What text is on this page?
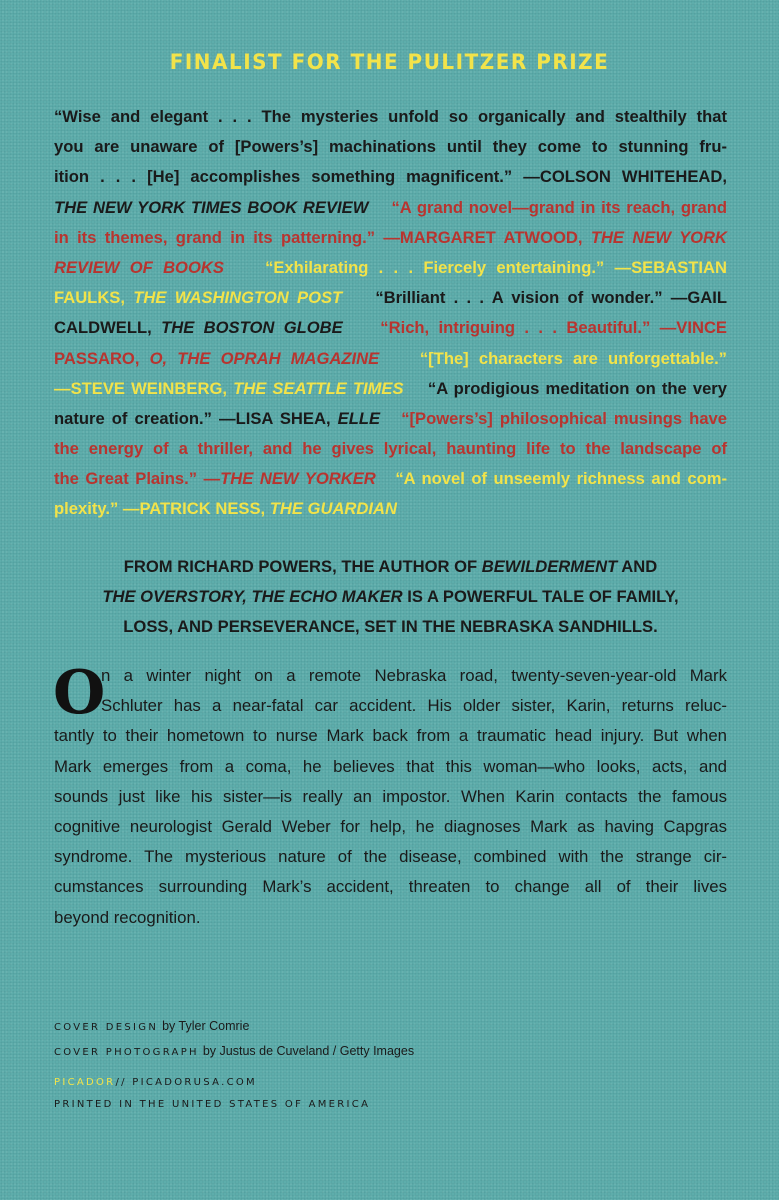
FINALIST FOR THE PULITZER PRIZE
“Wise and elegant . . . The mysteries unfold so organically and stealthily that
you are unaware of [Powers’s] machinations until they come to stunning fru-
ition . . . [He] accomplishes something magnificent.” —COLSON WHITEHEAD,
THE NEW YORK TIMES BOOK REVIEW “A grand novel—grand in its reach, grand
in its themes, grand in its patterning.” —MARGARET ATWOOD, THE NEW YORK
REVIEW OF BOOKS “Exhilarating . . . Fiercely entertaining.” —SEBASTIAN
FAULKS, THE WASHINGTON POST “Brilliant . . . A vision of wonder.” —GAIL
CALDWELL, THE BOSTON GLOBE “Rich, intriguing . . . Beautiful.” —VINCE
PASSARO, O, THE OPRAH MAGAZINE “[The] characters are unforgettable.”
—STEVE WEINBERG, THE SEATTLE TIMES “A prodigious meditation on the very
nature of creation.” —LISA SHEA, ELLE “[Powers’s] philosophical musings have
the energy of a thriller, and he gives lyrical, haunting life to the landscape of
the Great Plains.” —THE NEW YORKER “A novel of unseemly richness and com-
plexity.” —PATRICK NESS, THE GUARDIAN
FROM RICHARD POWERS, THE AUTHOR OF BEWILDERMENT AND
THE OVERSTORY, THE ECHO MAKER IS A POWERFUL TALE OF FAMILY,
LOSS, AND PERSEVERANCE, SET IN THE NEBRASKA SANDHILLS.
O
n a winter night on a remote Nebraska road, twenty-seven-year-old Mark
Schluter has a near-fatal car accident. His older sister, Karin, returns reluc-
tantly to their hometown to nurse Mark back from a traumatic head injury. But when
Mark emerges from a coma, he believes that this woman—who looks, acts, and
sounds just like his sister—is really an impostor. When Karin contacts the famous
cognitive neurologist Gerald Weber for help, he diagnoses Mark as having Capgras
syndrome. The mysterious nature of the disease, combined with the strange cir-
cumstances surrounding Mark’s accident, threaten to change all of their lives
beyond recognition.
COVER DESIGN by Tyler Comrie
COVER PHOTOGRAPH by Justus de Cuveland / Getty Images
PICADOR// PICADORUSA.COM
PRINTED IN THE UNITED STATES OF AMERICA
